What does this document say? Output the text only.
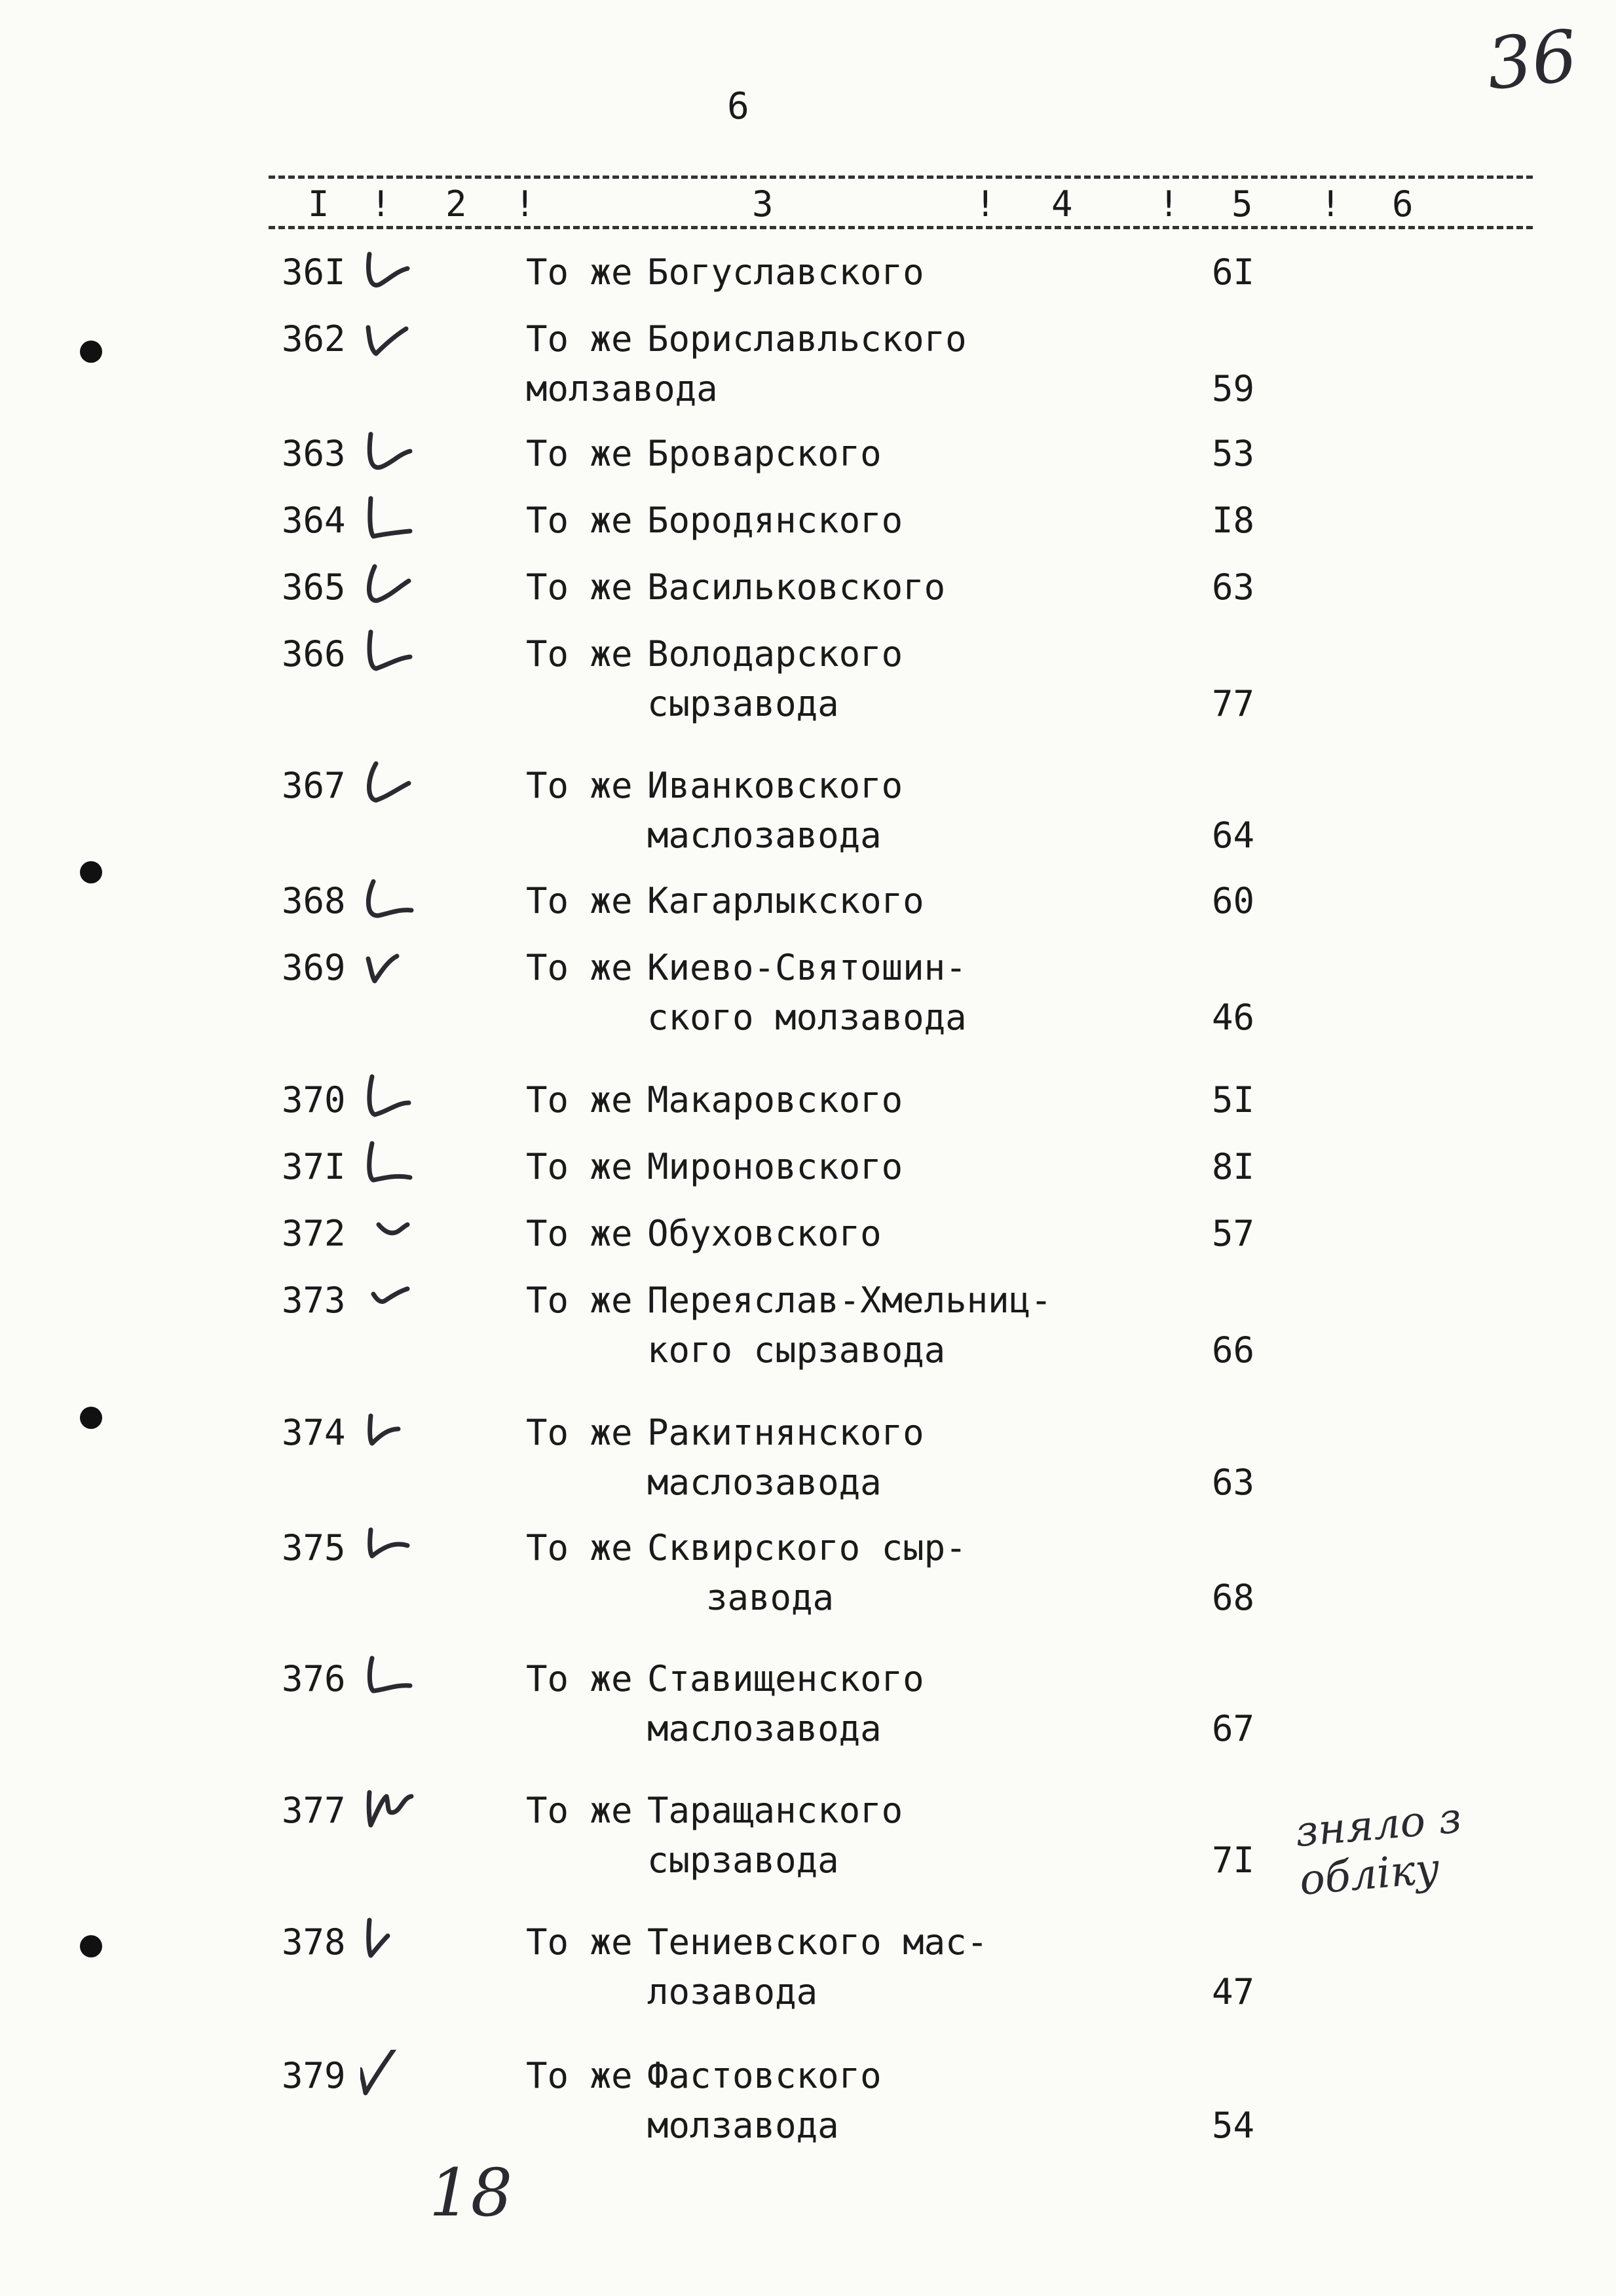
6
36
I ! 2 !	3	! 4 ! 5 ! 6
36I	То же Богуславского	6I
362	То же Бориславльского
молзавода	59
363	То же Броварского	53
364	То же Бородянского	I8
365	То же Васильковского	63
366	То же Володарского
сырзавода	77
367	То же Иванковского
маслозавода	64
368	То же Кагарлыкского	60
369	То же Киево-Святошин-
ского молзавода	46
370	То же Макаровского	5I
37I	То же Мироновского	8I
372	То же Обуховского	57
373	То же Переяслав-Хмельниц-
кого сырзавода	66
374	То же Ракитнянского
маслозавода	63
375	То же Сквирского сыр-
завода	68
376	То же Ставищенского
маслозавода	67
377	То же Таращанского
сырзавода	7I
зняло з обліку
378	То же Тениевского мас-
лозавода	47
379	То же Фастовского
молзавода	54
18
